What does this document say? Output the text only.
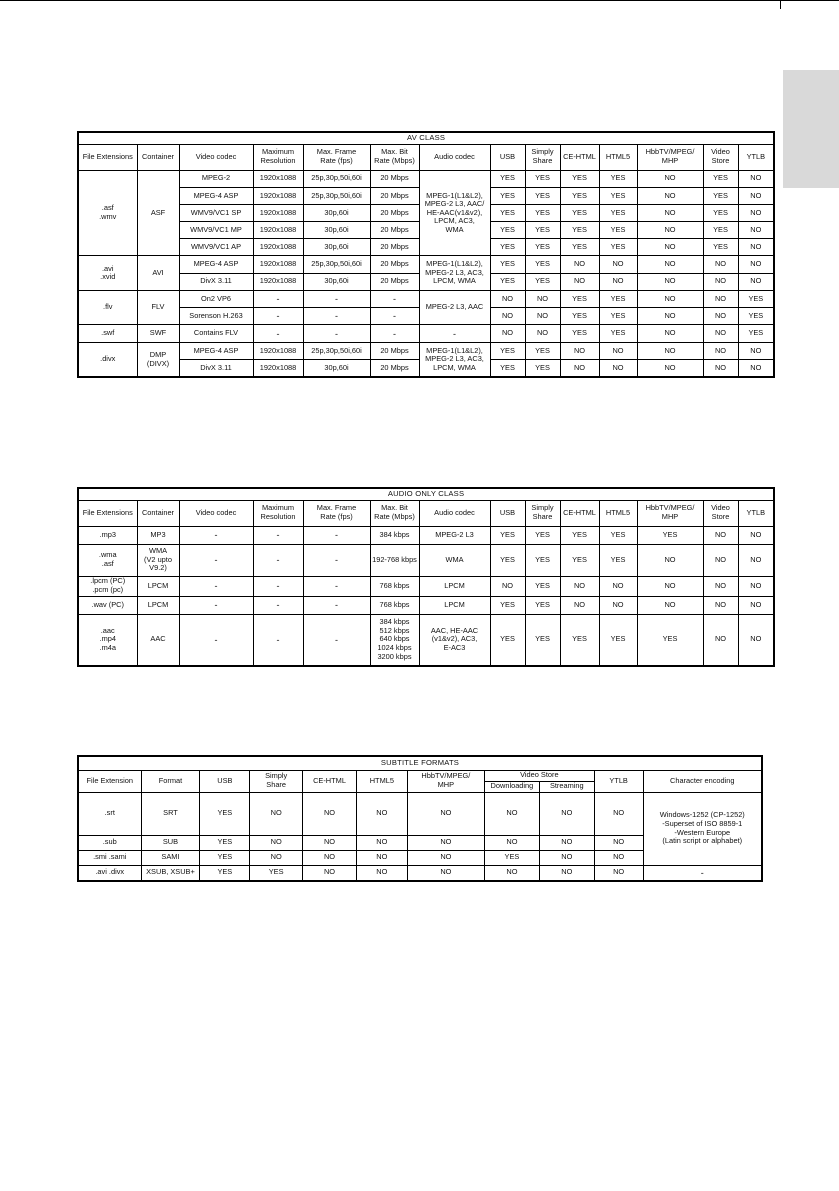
AV CLASS													
File Extensions	Container	Video codec	Maximum
Resolution	Max. Frame
Rate (fps)	Max. Bit
Rate (Mbps)	Audio codec	USB	Simply
Share	CE-HTML	HTML5	HbbTV/MPEG/
MHP	Video
Store	YTLB
.asf
.wmv	ASF	MPEG-2	1920x1088	25p,30p,50i,60i	20 Mbps	MPEG-1(L1&L2),
MPEG-2 L3, AAC/
HE-AAC(v1&v2),
LPCM, AC3,
WMA	YES	YES	YES	YES	NO	YES	NO
		MPEG-4 ASP	1920x1088	25p,30p,50i,60i	20 Mbps		YES	YES	YES	YES	NO	YES	NO
		WMV9/VC1 SP	1920x1088	30p,60i	20 Mbps		YES	YES	YES	YES	NO	YES	NO
		WMV9/VC1 MP	1920x1088	30p,60i	20 Mbps		YES	YES	YES	YES	NO	YES	NO
		WMV9/VC1 AP	1920x1088	30p,60i	20 Mbps		YES	YES	YES	YES	NO	YES	NO
.avi
.xvid	AVI	MPEG-4 ASP	1920x1088	25p,30p,50i,60i	20 Mbps	MPEG-1(L1&L2),
MPEG-2 L3, AC3,
LPCM, WMA	YES	YES	NO	NO	NO	NO	NO
		DivX 3.11	1920x1088	30p,60i	20 Mbps		YES	YES	NO	NO	NO	NO	NO
.flv	FLV	On2 VP6	-	-	-	MPEG-2 L3, AAC	NO	NO	YES	YES	NO	NO	YES
		Sorenson H.263	-	-	-		NO	NO	YES	YES	NO	NO	YES
.swf	SWF	Contains FLV	-	-	-	-	NO	NO	YES	YES	NO	NO	YES
.divx	DMP
(DIVX)	MPEG-4 ASP	1920x1088	25p,30p,50i,60i	20 Mbps	MPEG-1(L1&L2),
MPEG-2 L3, AC3,
LPCM, WMA	YES	YES	NO	NO	NO	NO	NO
		DivX 3.11	1920x1088	30p,60i	20 Mbps		YES	YES	NO	NO	NO	NO	NO
AUDIO ONLY CLASS													
File Extensions	Container	Video codec	Maximum
Resolution	Max. Frame
Rate (fps)	Max. Bit
Rate (Mbps)	Audio codec	USB	Simply
Share	CE-HTML	HTML5	HbbTV/MPEG/
MHP	Video
Store	YTLB
.mp3	MP3	-	-	-	384 kbps	MPEG-2 L3	YES	YES	YES	YES	YES	NO	NO
.wma
.asf	WMA
(V2 upto
V9.2)	-	-	-	192-768 kbps	WMA	YES	YES	YES	YES	NO	NO	NO
.lpcm (PC)
.pcm (pc)	LPCM	-	-	-	768 kbps	LPCM	NO	YES	NO	NO	NO	NO	NO
.wav (PC)	LPCM	-	-	-	768 kbps	LPCM	YES	YES	NO	NO	NO	NO	NO
.aac
.mp4
.m4a	AAC	-	-	-	384 kbps
512 kbps
640 kbps
1024 kbps
3200 kbps	AAC, HE-AAC
(v1&v2), AC3,
E-AC3	YES	YES	YES	YES	YES	NO	NO
SUBTITLE FORMATS										
File Extension	Format	USB	Simply
Share	CE-HTML	HTML5	HbbTV/MPEG/
MHP	Video Store		YTLB	Character encoding
							Downloading	Streaming		
.srt	SRT	YES	NO	NO	NO	NO	NO	NO	NO	Windows-1252 (CP-1252)
-Superset of ISO 8859-1
-Western Europe
(Latin script or alphabet)
.sub	SUB	YES	NO	NO	NO	NO	NO	NO	NO	
.smi .sami	SAMI	YES	NO	NO	NO	NO	YES	NO	NO	
.avi .divx	XSUB, XSUB+	YES	YES	NO	NO	NO	NO	NO	NO	-
